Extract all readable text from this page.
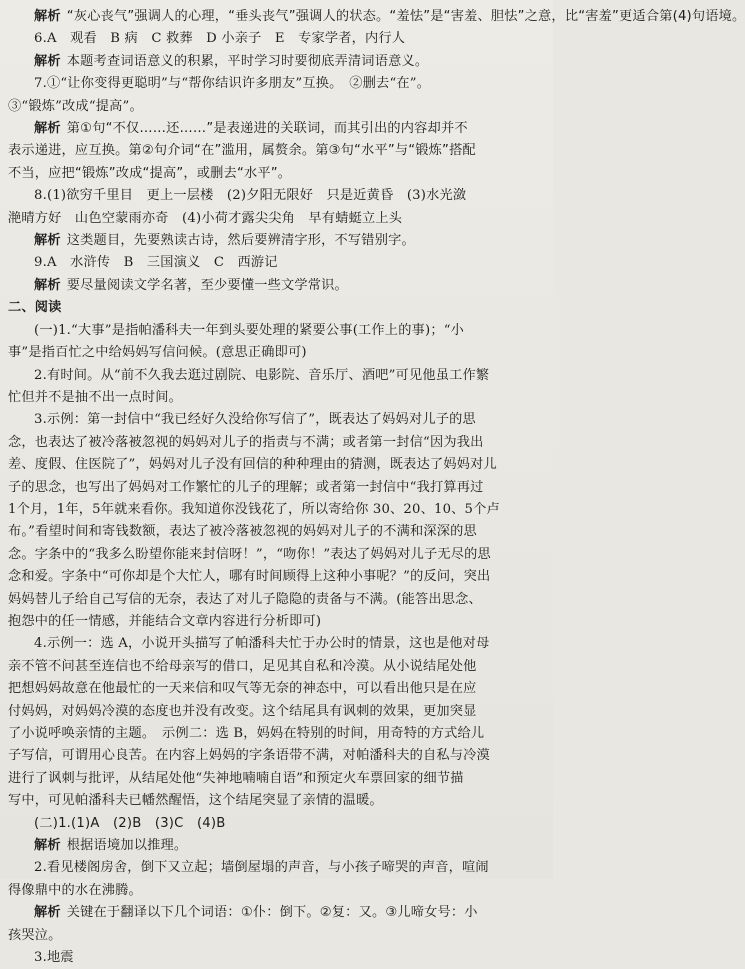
解析 “灰心丧气”强调人的心理，“垂头丧气”强调人的状态。“羞怯”是“害羞、胆怯”之意，比“害羞”更适合第(4)句语境。
6.A　观看　B 病　C 救葬　D 小亲子　E　专家学者，内行人
解析 本题考查词语意义的积累，平时学习时要彻底弄清词语意义。
7.①“让你变得更聪明”与“帮你结识许多朋友”互换。　②删去“在”。
③“锻炼”改成“提高”。
解析 第①句“不仅……还……”是表递进的关联词，而其引出的内容却并不
表示递进，应互换。第②句介词“在”滥用，属赘余。第③句“水平”与“锻炼”搭配
不当，应把“锻炼”改成“提高”，或删去“水平”。
8.(1)欲穷千里目　更上一层楼　(2)夕阳无限好　只是近黄昏　(3)水光潋
滟晴方好　山色空蒙雨亦奇　(4)小荷才露尖尖角　早有蜻蜓立上头
解析 这类题目，先要熟读古诗，然后要辨清字形，不写错别字。
9.A　水浒传　B　三国演义　C　西游记
解析 要尽量阅读文学名著，至少要懂一些文学常识。
二、阅读
(一)1.“大事”是指帕潘科夫一年到头要处理的紧要公事(工作上的事)；“小
事”是指百忙之中给妈妈写信问候。(意思正确即可)
2.有时间。从“前不久我去逛过剧院、电影院、音乐厅、酒吧”可见他虽工作繁
忙但并不是抽不出一点时间。
3.示例：第一封信中“我已经好久没给你写信了”，既表达了妈妈对儿子的思
念，也表达了被冷落被忽视的妈妈对儿子的指责与不满；或者第一封信“因为我出
差、度假、住医院了”，妈妈对儿子没有回信的种种理由的猜测，既表达了妈妈对儿
子的思念，也写出了妈妈对工作繁忙的儿子的理解；或者第一封信中“我打算再过
1个月，1年，5年就来看你。我知道你没钱花了，所以寄给你 30、20、10、5个卢
布。”看望时间和寄钱数额，表达了被冷落被忽视的妈妈对儿子的不满和深深的思
念。字条中的“我多么盼望你能来封信呀！”，“吻你！”表达了妈妈对儿子无尽的思
念和爱。字条中“可你却是个大忙人，哪有时间顾得上这种小事呢？”的反问，突出
妈妈替儿子给自己写信的无奈，表达了对儿子隐隐的责备与不满。(能答出思念、
抱怨中的任一情感，并能结合文章内容进行分析即可)
4.示例一：选 A，小说开头描写了帕潘科夫忙于办公时的情景，这也是他对母
亲不管不问甚至连信也不给母亲写的借口，足见其自私和冷漠。从小说结尾处他
把想妈妈故意在他最忙的一天来信和叹气等无奈的神态中，可以看出他只是在应
付妈妈，对妈妈冷漠的态度也并没有改变。这个结尾具有讽刺的效果，更加突显
了小说呼唤亲情的主题。　示例二：选 B，妈妈在特别的时间，用奇特的方式给儿
子写信，可谓用心良苦。在内容上妈妈的字条语带不满，对帕潘科夫的自私与冷漠
进行了讽刺与批评，从结尾处他“失神地喃喃自语”和预定火车票回家的细节描
写中，可见帕潘科夫已幡然醒悟，这个结尾突显了亲情的温暖。
(二)1.(1)A　(2)B　(3)C　(4)B
解析 根据语境加以推理。
2.看见楼阁房舍，倒下又立起；墙倒屋塌的声音，与小孩子啼哭的声音，喧闹
得像鼎中的水在沸腾。
解析 关键在于翻译以下几个词语：①仆：倒下。②复：又。③儿啼女号：小
孩哭泣。
3.地震
